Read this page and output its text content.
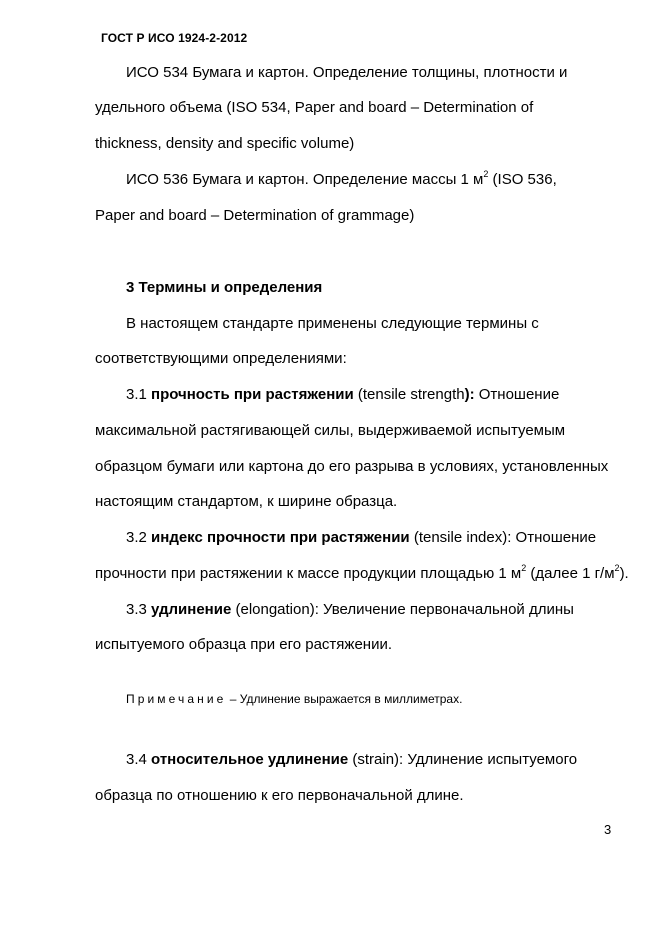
ГОСТ Р ИСО 1924-2-2012
ИСО 534 Бумага и картон. Определение толщины, плотности и
удельного объема (ISO 534, Paper and board – Determination of
thickness, density and specific volume)
ИСО 536 Бумага и картон. Определение массы 1 $м^2$ (ISO 536,
Paper and board – Determination of grammage)
3 Термины и определения
В настоящем стандарте применены следующие термины с
соответствующими определениями:
3.1 прочность при растяжении (tensile strength): Отношение
максимальной растягивающей силы, выдерживаемой испытуемым
образцом бумаги или картона до его разрыва в условиях, установленных
настоящим стандартом, к ширине образца.
3.2 индекс прочности при растяжении (tensile index): Отношение
прочности при растяжении к массе продукции площадью 1 $м^2$ (далее 1 $г/м^2$).
3.3 удлинение (elongation): Увеличение первоначальной длины
испытуемого образца при его растяжении.
Примечание – Удлинение выражается в миллиметрах.
3.4 относительное удлинение (strain): Удлинение испытуемого
образца по отношению к его первоначальной длине.
3
